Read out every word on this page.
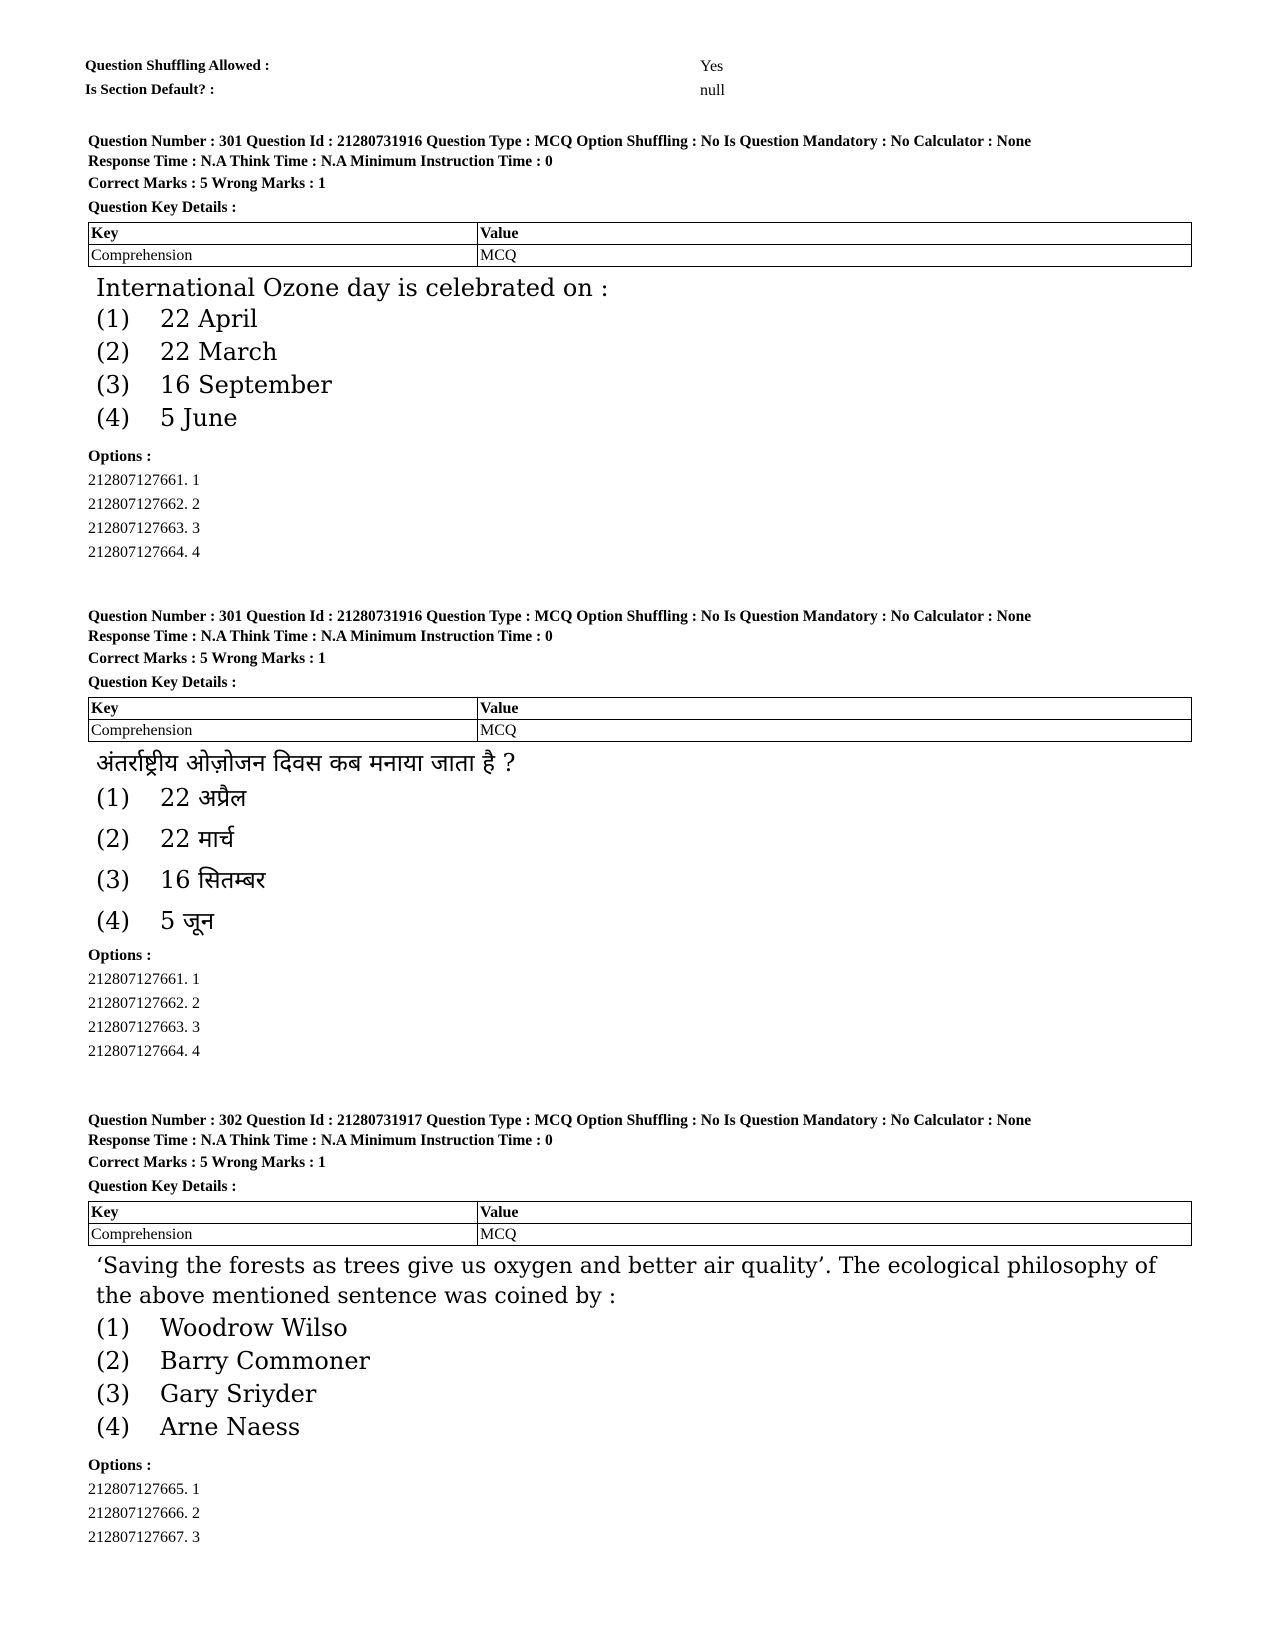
Question Shuffling Allowed :	Yes
Is Section Default? :	null

Question Number : 301 Question Id : 21280731916 Question Type : MCQ Option Shuffling : No Is Question Mandatory : No Calculator : None

Response Time : N.A Think Time : N.A Minimum Instruction Time : 0

Correct Marks : 5 Wrong Marks : 1

Question Key Details :

Key	Value
Comprehension	MCQ
International Ozone day is celebrated on :
(1)	22 April
(2)	22 March
(3)	16 September
(4)	5 June
Options :
212807127661. 1
212807127662. 2
212807127663. 3
212807127664. 4

Question Number : 301 Question Id : 21280731916 Question Type : MCQ Option Shuffling : No Is Question Mandatory : No Calculator : None

Response Time : N.A Think Time : N.A Minimum Instruction Time : 0

Correct Marks : 5 Wrong Marks : 1

Question Key Details :

Key	Value
Comprehension	MCQ
अंतर्राष्ट्रीय ओज़ोजन दिवस कब मनाया जाता है ?
(1)	22 अप्रैल
(2)	22 मार्च
(3)	16 सितम्बर
(4)	5 जून
Options :
212807127661. 1
212807127662. 2
212807127663. 3
212807127664. 4

Question Number : 302 Question Id : 21280731917 Question Type : MCQ Option Shuffling : No Is Question Mandatory : No Calculator : None

Response Time : N.A Think Time : N.A Minimum Instruction Time : 0

Correct Marks : 5 Wrong Marks : 1

Question Key Details :

Key	Value
Comprehension	MCQ
‘Saving the forests as trees give us oxygen and better air quality’. The ecological philosophy of the above mentioned sentence was coined by :
(1)	Woodrow Wilso
(2)	Barry Commoner
(3)	Gary Sriyder
(4)	Arne Naess
Options :
212807127665. 1
212807127666. 2
212807127667. 3
